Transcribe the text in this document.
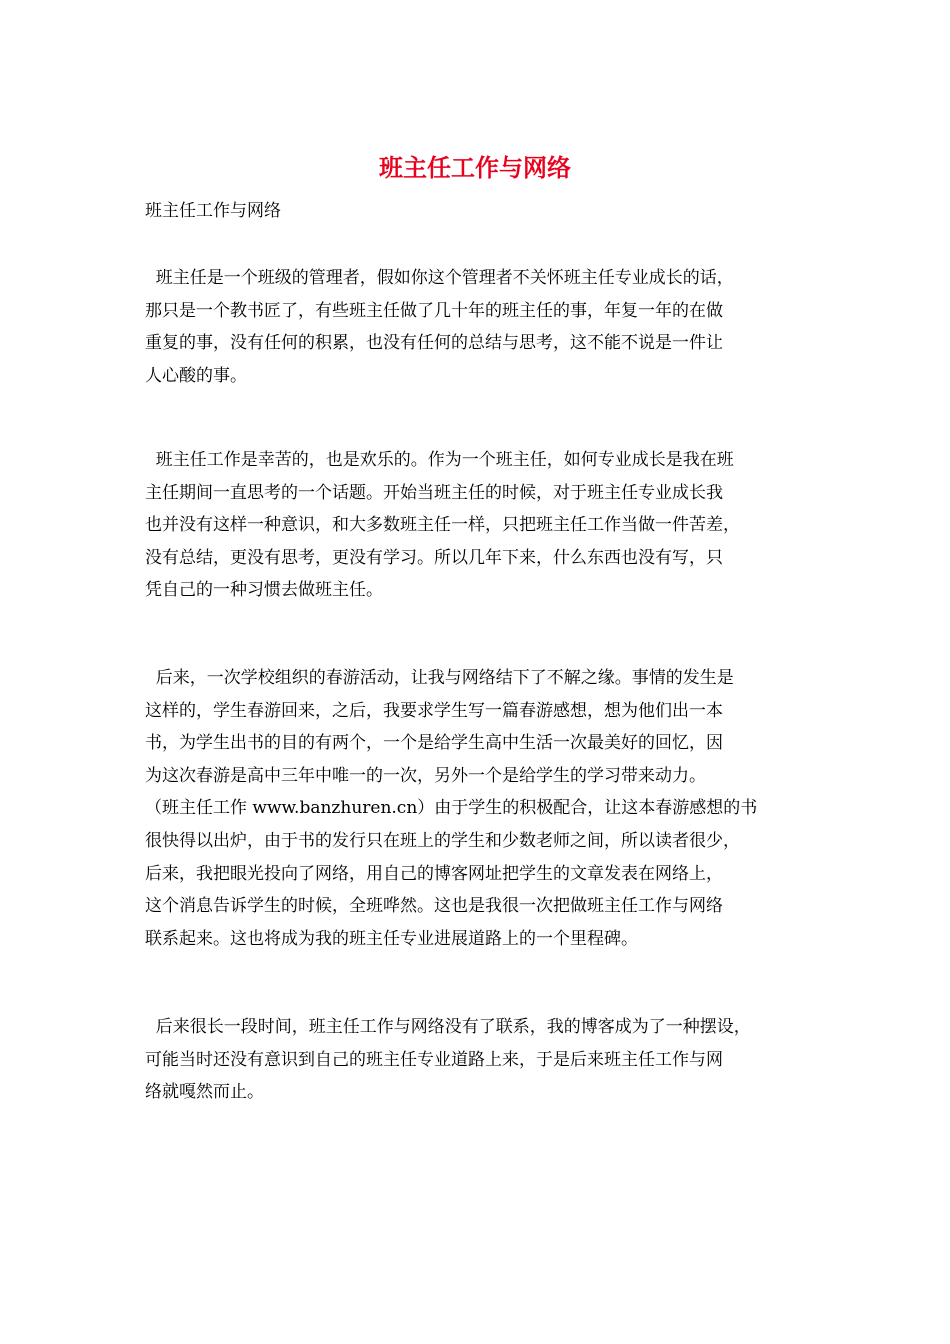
班主任工作与网络
班主任工作与网络
班主任是一个班级的管理者，假如你这个管理者不关怀班主任专业成长的话，
那只是一个教书匠了，有些班主任做了几十年的班主任的事，年复一年的在做
重复的事，没有任何的积累，也没有任何的总结与思考，这不能不说是一件让
人心酸的事。
班主任工作是幸苦的，也是欢乐的。作为一个班主任，如何专业成长是我在班
主任期间一直思考的一个话题。开始当班主任的时候，对于班主任专业成长我
也并没有这样一种意识，和大多数班主任一样，只把班主任工作当做一件苦差，
没有总结，更没有思考，更没有学习。所以几年下来，什么东西也没有写，只
凭自己的一种习惯去做班主任。
后来，一次学校组织的春游活动，让我与网络结下了不解之缘。事情的发生是
这样的，学生春游回来，之后，我要求学生写一篇春游感想，想为他们出一本
书，为学生出书的目的有两个，一个是给学生高中生活一次最美好的回忆，因
为这次春游是高中三年中唯一的一次，另外一个是给学生的学习带来动力。
（班主任工作 www.banzhuren.cn）由于学生的积极配合，让这本春游感想的书
很快得以出炉，由于书的发行只在班上的学生和少数老师之间，所以读者很少，
后来，我把眼光投向了网络，用自己的博客网址把学生的文章发表在网络上，
这个消息告诉学生的时候，全班哗然。这也是我很一次把做班主任工作与网络
联系起来。这也将成为我的班主任专业进展道路上的一个里程碑。
后来很长一段时间，班主任工作与网络没有了联系，我的博客成为了一种摆设，
可能当时还没有意识到自己的班主任专业道路上来，于是后来班主任工作与网
络就嘎然而止。
